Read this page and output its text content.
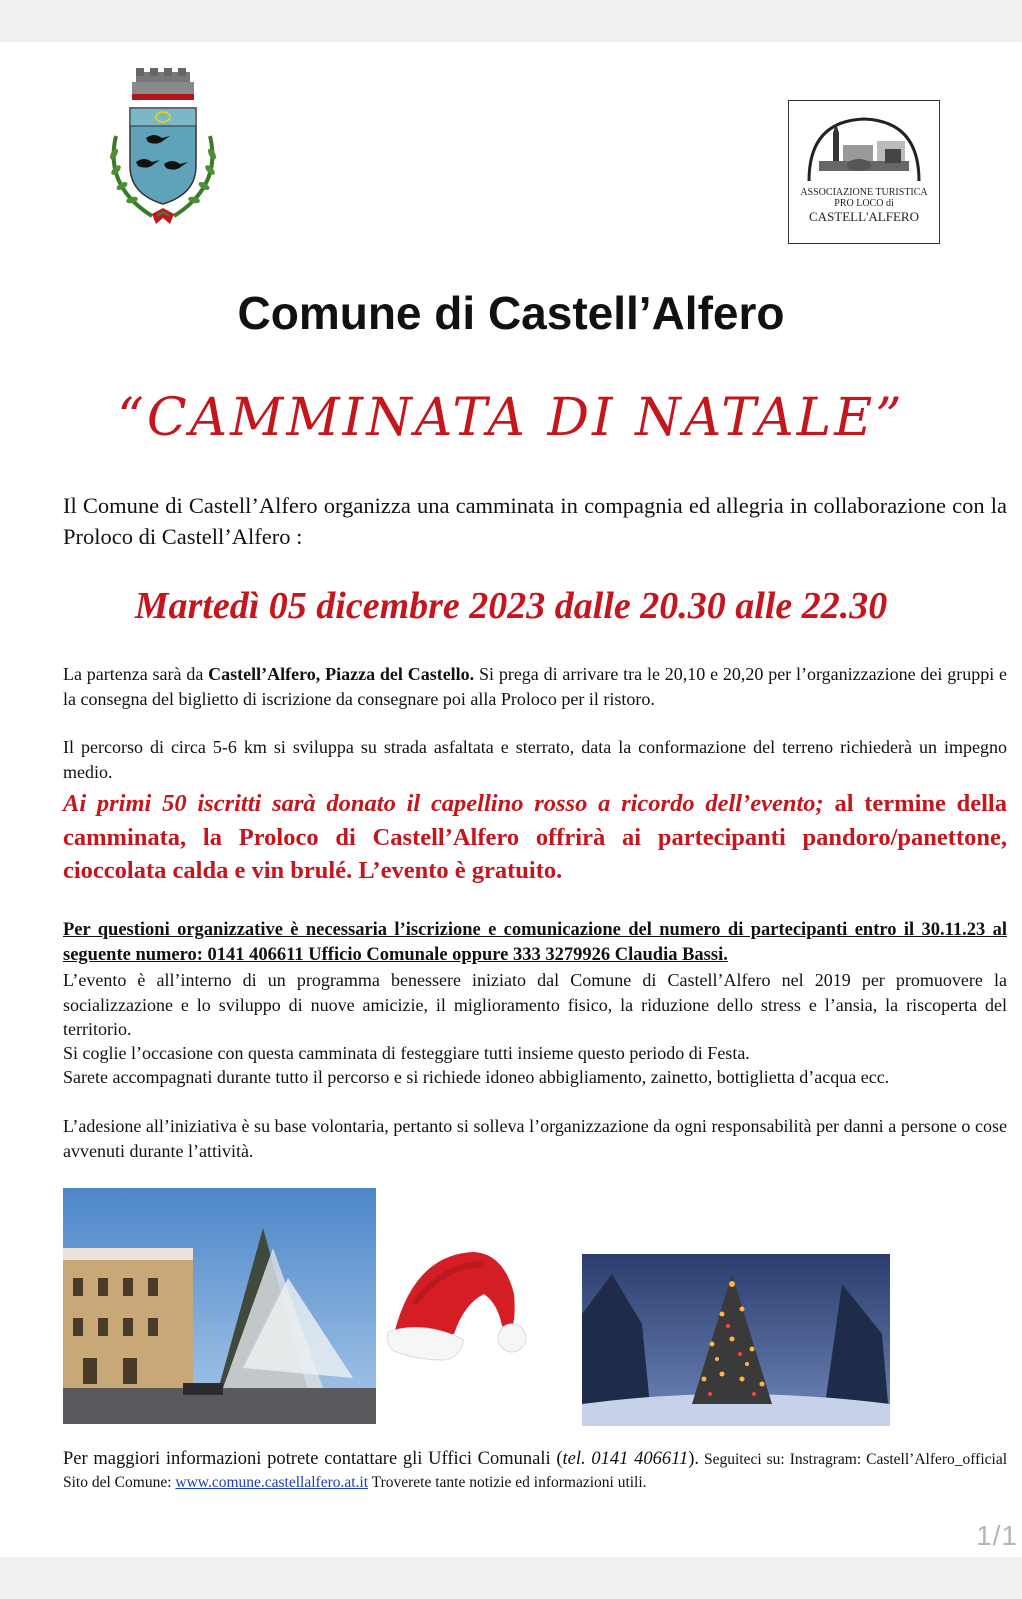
ASSOCIAZIONE TURISTICA
PRO LOCO di
CASTELL'ALFERO
Comune di Castell’Alfero
“CAMMINATA DI NATALE”

Il Comune di Castell’Alfero organizza una camminata in compagnia ed allegria in collaborazione con la Proloco di Castell’Alfero :

Martedì 05 dicembre 2023 dalle 20.30 alle 22.30

La partenza sarà da Castell’Alfero, Piazza del Castello. Si prega di arrivare tra le 20,10 e 20,20 per l’organizzazione dei gruppi e la consegna del biglietto di iscrizione da consegnare poi alla Proloco per il ristoro.

Il percorso di circa 5-6 km si sviluppa su strada asfaltata e sterrato, data la conformazione del terreno richiederà un impegno medio.

Ai primi 50 iscritti sarà donato il capellino rosso a ricordo dell’evento; al termine della camminata, la Proloco di Castell’Alfero offrirà ai partecipanti pandoro/panettone, cioccolata calda e vin brulé. L’evento è gratuito.

Per questioni organizzative è necessaria l’iscrizione e comunicazione del numero di partecipanti entro il 30.11.23 al seguente numero: 0141 406611 Ufficio Comunale oppure 333 3279926 Claudia Bassi.

L’evento è all’interno di un programma benessere iniziato dal Comune di Castell’Alfero nel 2019 per promuovere la socializzazione e lo sviluppo di nuove amicizie, il miglioramento fisico, la riduzione dello stress e l’ansia, la riscoperta del territorio.

Si coglie l’occasione con questa camminata di festeggiare tutti insieme questo periodo di Festa.

Sarete accompagnati durante tutto il percorso e si richiede idoneo abbigliamento, zainetto, bottiglietta d’acqua ecc.

L’adesione all’iniziativa è su base volontaria, pertanto si solleva l’organizzazione da ogni responsabilità per danni a persone o cose avvenuti durante l’attività.

Per maggiori informazioni potrete contattare gli Uffici Comunali (tel. 0141 406611). Seguiteci su: Instragram: Castell’Alfero_official Sito del Comune: www.comune.castellalfero.at.it Troverete tante notizie ed informazioni utili.

1/1
